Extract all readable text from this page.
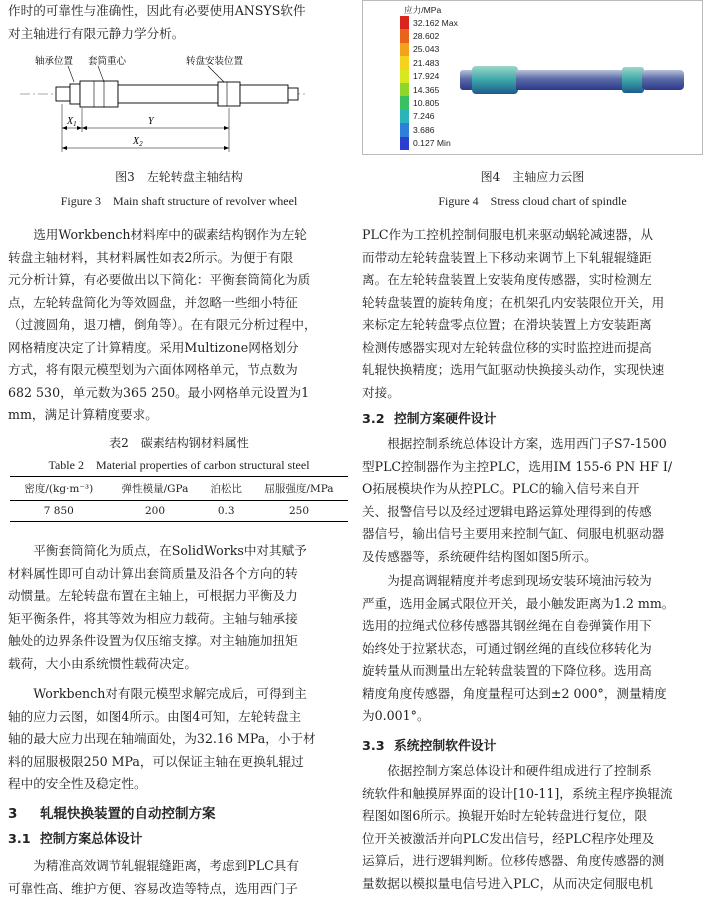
作时的可靠性与准确性，因此有必要使用ANSYS软件

对主轴进行有限元静力学分析。

轴承位置 套筒重心	转盘安装位置
$X_1$	Y
$X_2$

图3　左轮转盘主轴结构

Figure 3　Main shaft structure of revolver wheel

选用Workbench材料库中的碳素结构钢作为左轮

转盘主轴材料，其材料属性如表2所示。为便于有限

元分析计算，有必要做出以下简化：平衡套筒简化为质

点，左轮转盘简化为等效圆盘，并忽略一些细小特征

（过渡圆角，退刀槽，倒角等）。在有限元分析过程中，

网格精度决定了计算精度。采用Multizone网格划分

方式，将有限元模型划为六面体网格单元，节点数为

682 530，单元数为365 250。最小网格单元设置为1

mm，满足计算精度要求。

表2　碳素结构钢材料属性

Table 2　Material properties of carbon structural steel

密度/(kg·m⁻³)	弹性模量/GPa	泊松比	屈服强度/MPa
7 850	200	0.3	250

平衡套筒简化为质点，在SolidWorks中对其赋予

材料属性即可自动计算出套筒质量及沿各个方向的转

动惯量。左轮转盘布置在主轴上，可根据力平衡及力

矩平衡条件，将其等效为相应力载荷。主轴与轴承接

触处的边界条件设置为仅压缩支撑。对主轴施加扭矩

载荷，大小由系统惯性载荷决定。

Workbench对有限元模型求解完成后，可得到主

轴的应力云图，如图4所示。由图4可知，左轮转盘主

轴的最大应力出现在轴端面处，为32.16 MPa，小于材

料的屈服极限250 MPa，可以保证主轴在更换轧辊过

程中的安全性及稳定性。

3 轧辊快换装置的自动控制方案

3.1 控制方案总体设计

为精准高效调节轧辊辊缝距离，考虑到PLC具有

可靠性高、维护方便、容易改造等特点，选用西门子

应力/MPa
32.162 Max
28.602
25.043
21.483
17.924
14.365
10.805
7.246
3.686
0.127 Min

图4　主轴应力云图

Figure 4　Stress cloud chart of spindle

PLC作为工控机控制伺服电机来驱动蜗轮减速器，从

而带动左轮转盘装置上下移动来调节上下轧辊辊缝距

离。在左轮转盘装置上安装角度传感器，实时检测左

轮转盘装置的旋转角度；在机架孔内安装限位开关，用

来标定左轮转盘零点位置；在滑块装置上方安装距离

检测传感器实现对左轮转盘位移的实时监控进而提高

轧辊快换精度；选用气缸驱动快换接头动作，实现快速

对接。

3.2 控制方案硬件设计

根据控制系统总体设计方案，选用西门子S7-1500

型PLC控制器作为主控PLC，选用IM 155-6 PN HF I/

O拓展模块作为从控PLC。PLC的输入信号来自开

关、报警信号以及经过逻辑电路运算处理得到的传感

器信号，输出信号主要用来控制气缸、伺服电机驱动器

及传感器等，系统硬件结构图如图5所示。

为提高调辊精度并考虑到现场安装环境油污较为

严重，选用金属式限位开关，最小触发距离为1.2 mm。

选用的拉绳式位移传感器其钢丝绳在自卷弹簧作用下

始终处于拉紧状态，可通过钢丝绳的直线位移转化为

旋转量从而测量出左轮转盘装置的下降位移。选用高

精度角度传感器，角度量程可达到±2 000°，测量精度

为0.001°。

3.3 系统控制软件设计

依据控制方案总体设计和硬件组成进行了控制系

统软件和触摸屏界面的设计[10-11]，系统主程序换辊流

程图如图6所示。换辊开始时左轮转盘进行复位，限

位开关被激活并向PLC发出信号，经PLC程序处理及

运算后，进行逻辑判断。位移传感器、角度传感器的测

量数据以模拟量电信号进入PLC，从而决定伺服电机
